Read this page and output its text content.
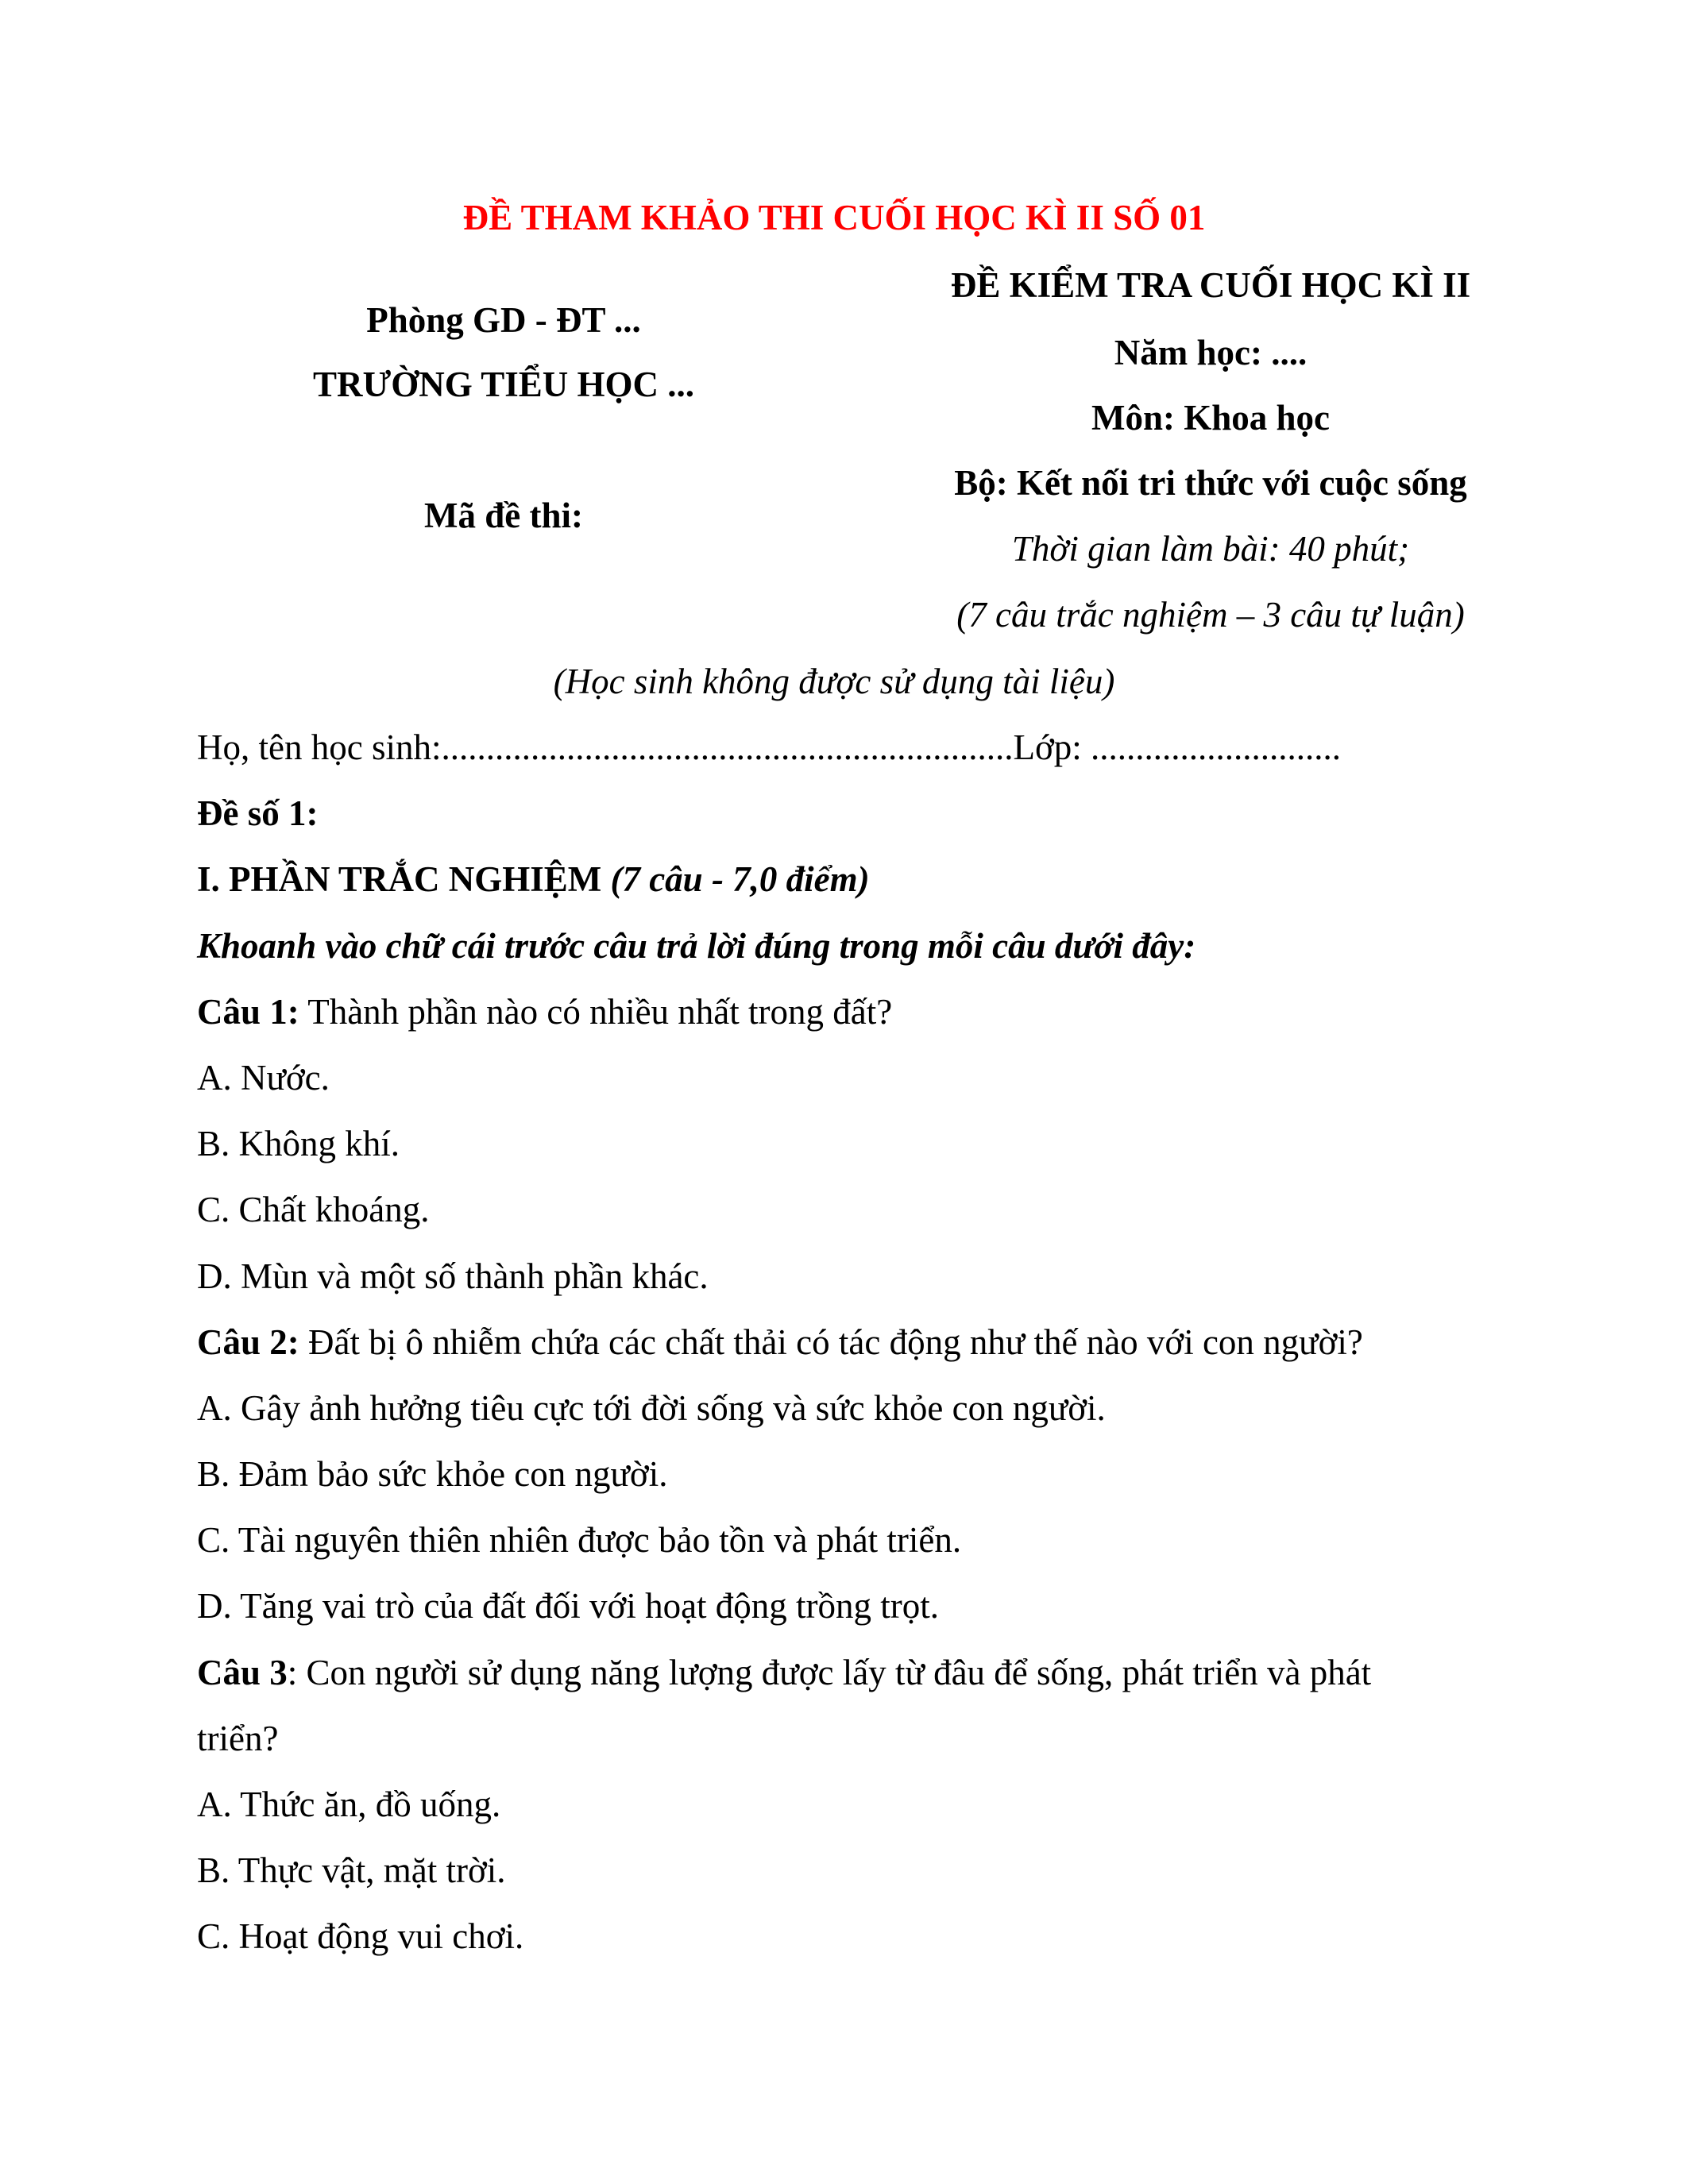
ĐỀ THAM KHẢO THI CUỐI HỌC KÌ II SỐ 01
Phòng GD - ĐT ...
TRƯỜNG TIỂU HỌC ...
Mã đề thi:
ĐỀ KIỂM TRA CUỐI HỌC KÌ II
Năm học: ....
Môn: Khoa học
Bộ: Kết nối tri thức với cuộc sống
Thời gian làm bài: 40 phút;
(7 câu trắc nghiệm – 3 câu tự luận)
(Học sinh không được sử dụng tài liệu)
Họ, tên học sinh:................................................................Lớp: ............................
Đề số 1:
I. PHẦN TRẮC NGHIỆM (7 câu - 7,0 điểm)
Khoanh vào chữ cái trước câu trả lời đúng trong mỗi câu dưới đây:
Câu 1: Thành phần nào có nhiều nhất trong đất?
A. Nước.
B. Không khí.
C. Chất khoáng.
D. Mùn và một số thành phần khác.
Câu 2: Đất bị ô nhiễm chứa các chất thải có tác động như thế nào với con người?
A. Gây ảnh hưởng tiêu cực tới đời sống và sức khỏe con người.
B. Đảm bảo sức khỏe con người.
C. Tài nguyên thiên nhiên được bảo tồn và phát triển.
D. Tăng vai trò của đất đối với hoạt động trồng trọt.
Câu 3: Con người sử dụng năng lượng được lấy từ đâu để sống, phát triển và phát
triển?
A. Thức ăn, đồ uống.
B. Thực vật, mặt trời.
C. Hoạt động vui chơi.
